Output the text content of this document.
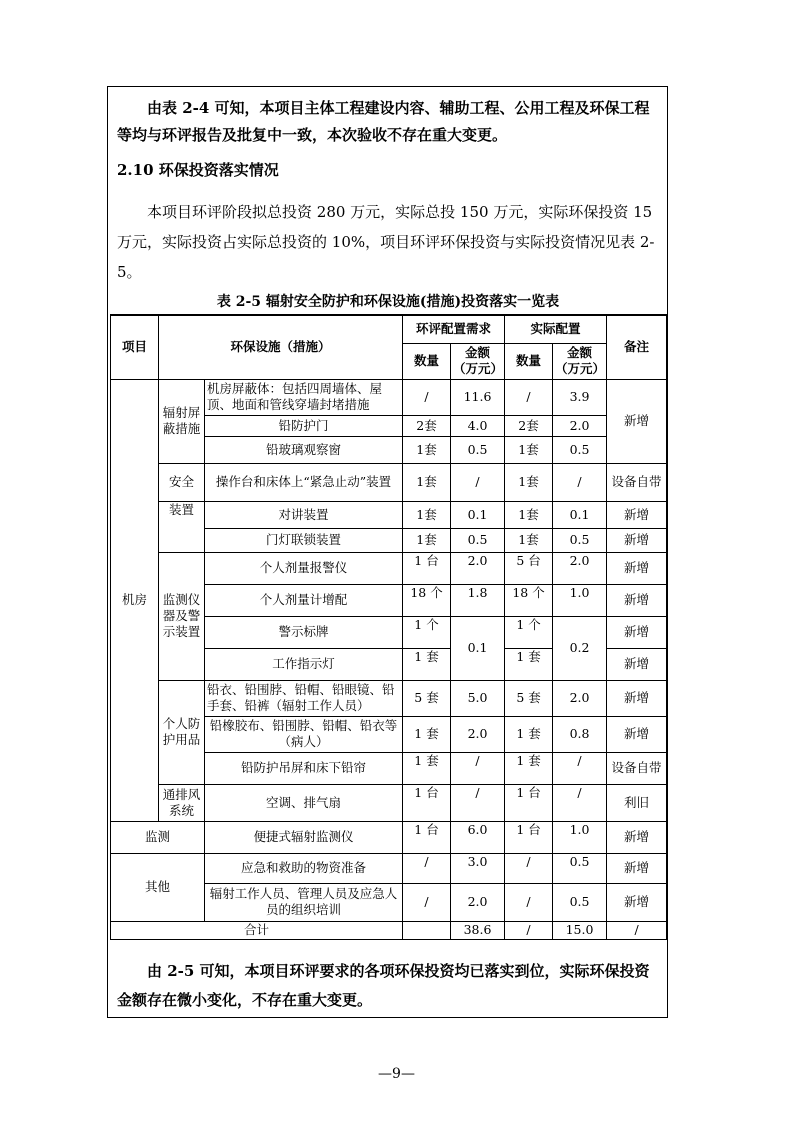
由表 2-4 可知，本项目主体工程建设内容、辅助工程、公用工程及环保工程等均与环评报告及批复中一致，本次验收不存在重大变更。
2.10 环保投资落实情况
本项目环评阶段拟总投资 280 万元，实际总投 150 万元，实际环保投资 15 万元，实际投资占实际总投资的 10%，项目环评环保投资与实际投资情况见表 2-5。
表 2-5 辐射安全防护和环保设施(措施)投资落实一览表
项目	环保设施（措施）		环评配置需求		实际配置		备注
			数量	金额（万元）	数量	金额（万元）	
机房	辐射屏蔽措施	机房屏蔽体：包括四周墙体、屋顶、地面和管线穿墙封堵措施	/	11.6	/	3.9	新增
		铅防护门	2套	4.0	2套	2.0	
		铅玻璃观察窗	1套	0.5	1套	0.5	
	安全	操作台和床体上“紧急止动”装置	1套	/	1套	/	设备自带
	装置	对讲装置	1套	0.1	1套	0.1	新增
		门灯联锁装置	1套	0.5	1套	0.5	新增
	监测仪器及警示装置	个人剂量报警仪	1 台	2.0	5 台	2.0	新增
		个人剂量计增配	18 个	1.8	18 个	1.0	新增
		警示标牌	1 个	0.1	1 个	0.2	新增
		工作指示灯	1 套		1 套		新增
	个人防护用品	铅衣、铅围脖、铅帽、铅眼镜、铅手套、铅裤（辐射工作人员）	5 套	5.0	5 套	2.0	新增
		铅橡胶布、铅围脖、铅帽、铅衣等（病人）	1 套	2.0	1 套	0.8	新增
		铅防护吊屏和床下铅帘	1 套	/	1 套	/	设备自带
	通排风系统	空调、排气扇	1 台	/	1 台	/	利旧
监测		便捷式辐射监测仪	1 台	6.0	1 台	1.0	新增
其他		应急和救助的物资准备	/	3.0	/	0.5	新增
		辐射工作人员、管理人员及应急人员的组织培训	/	2.0	/	0.5	新增
合计				38.6	/	15.0	/
由 2-5 可知，本项目环评要求的各项环保投资均已落实到位，实际环保投资金额存在微小变化，不存在重大变更。
—9—
